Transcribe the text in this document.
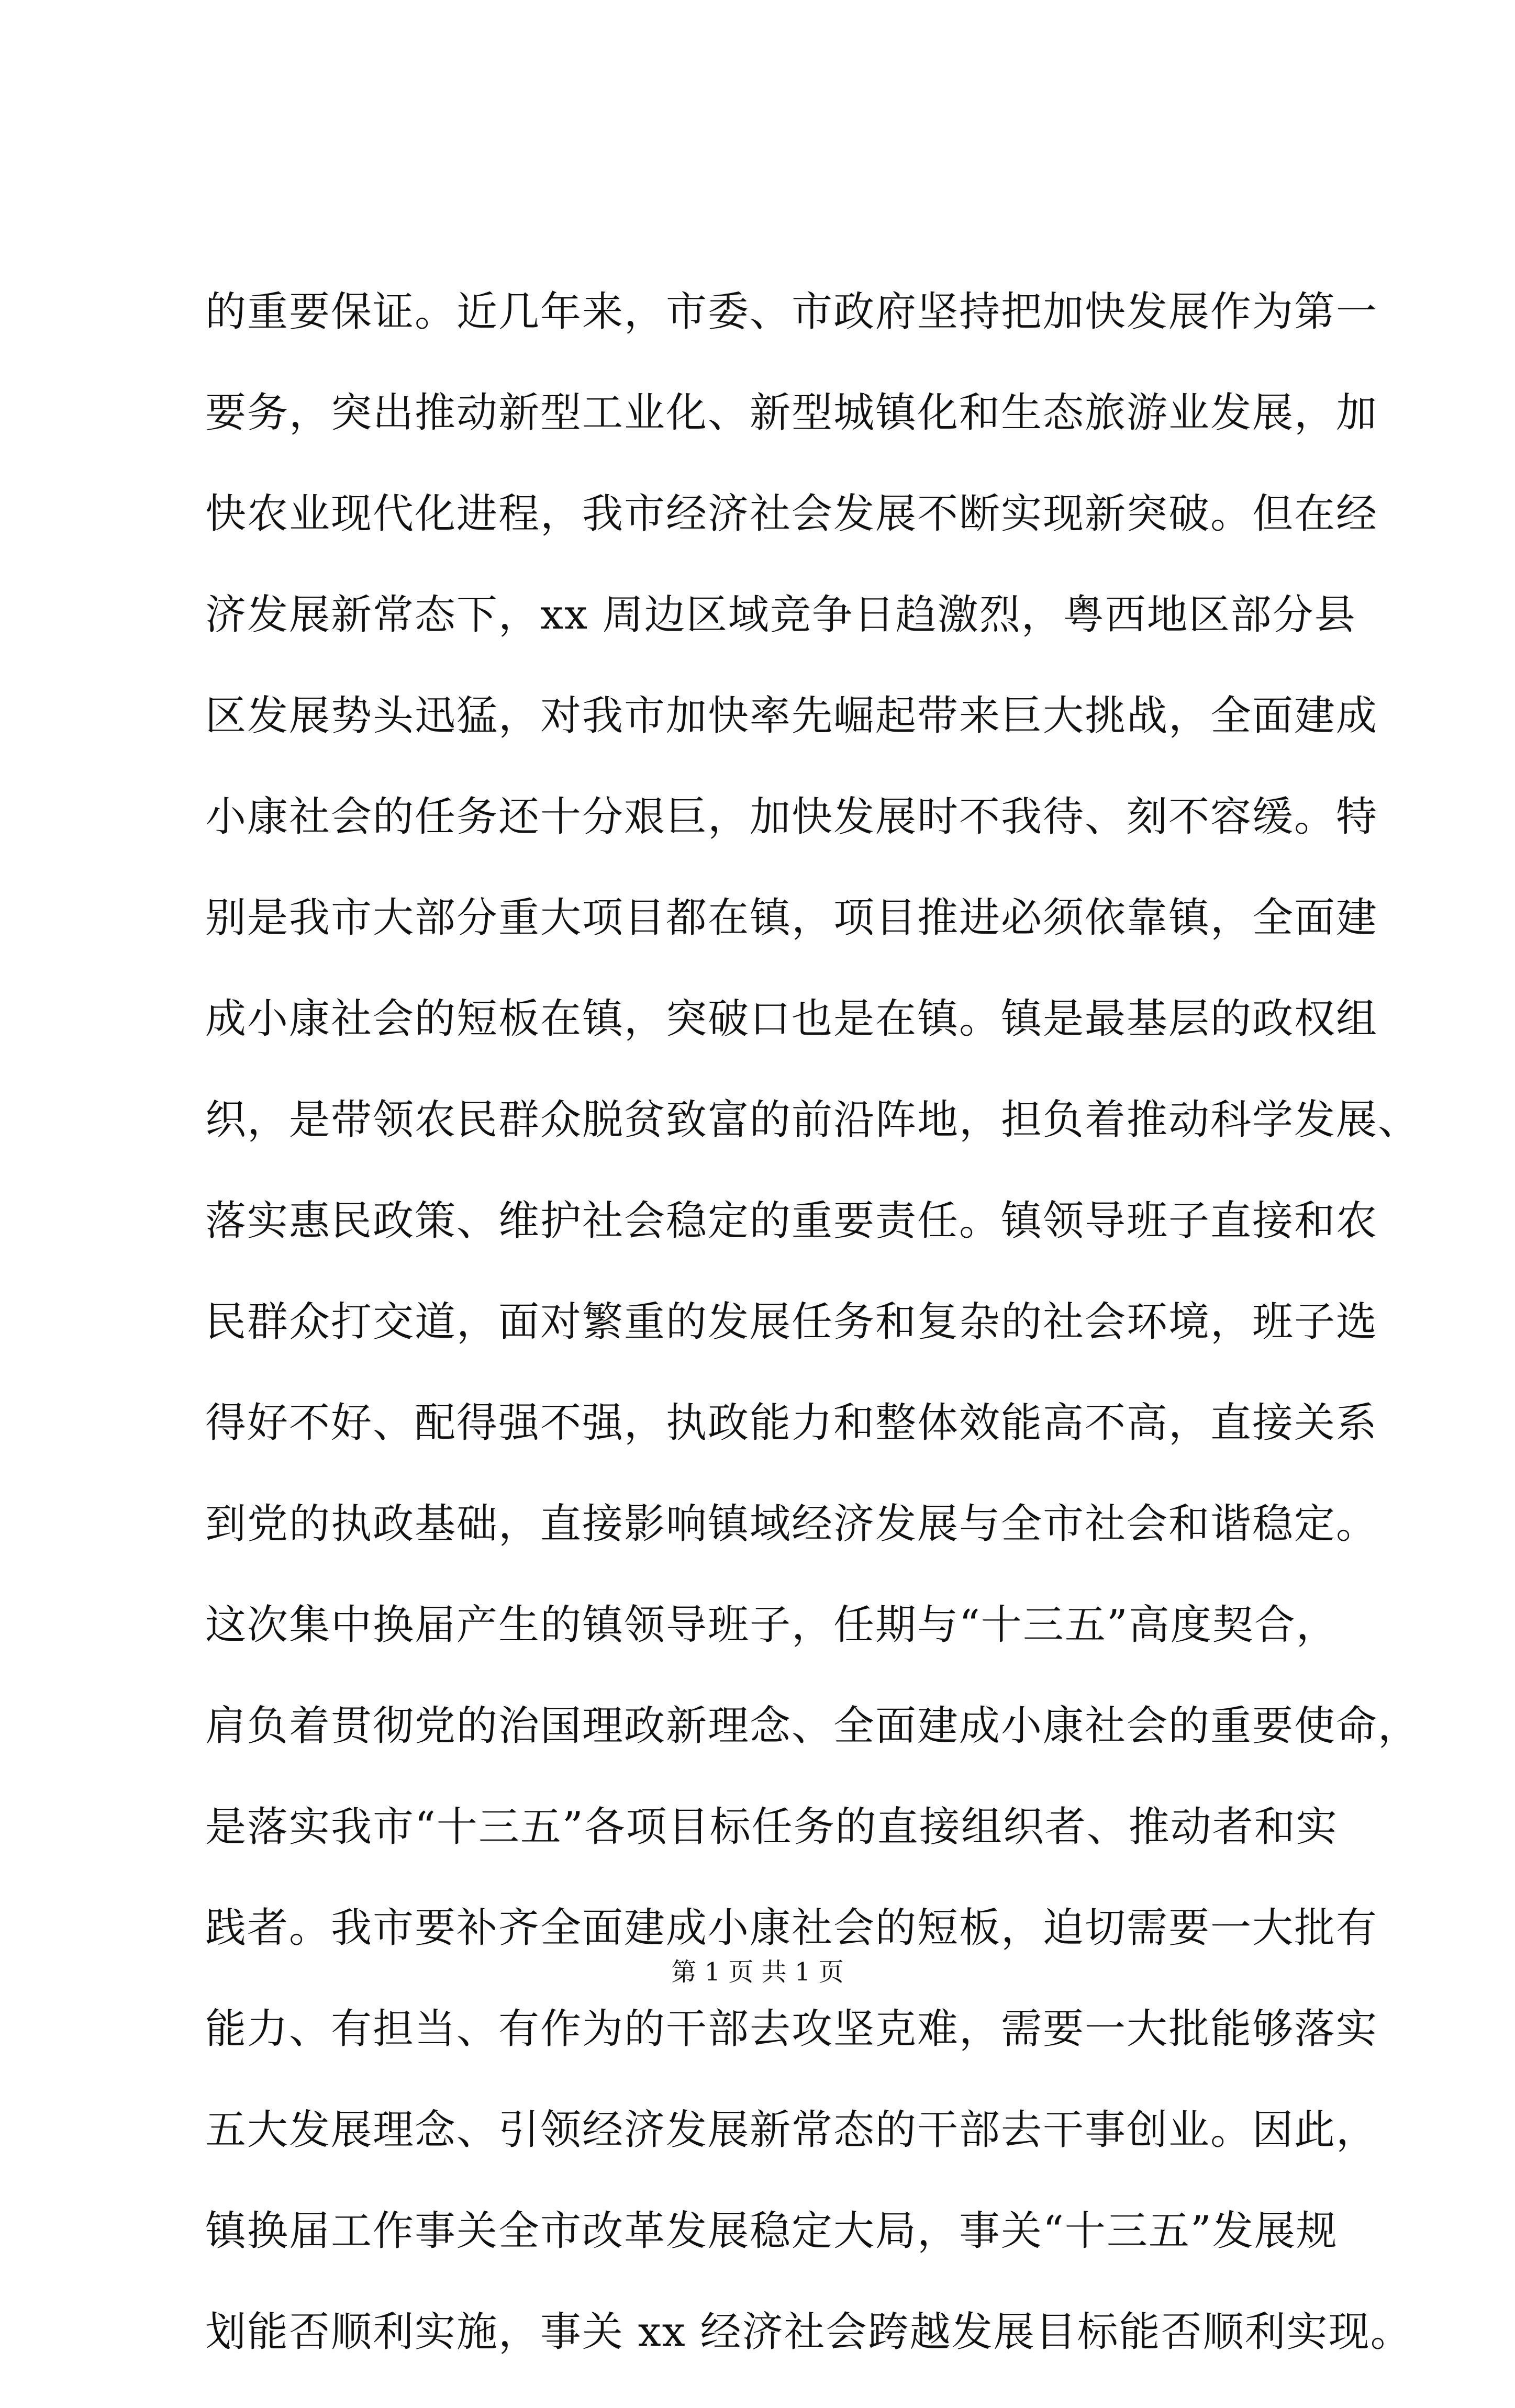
的重要保证。近几年来，市委、市政府坚持把加快发展作为第一
要务，突出推动新型工业化、新型城镇化和生态旅游业发展，加
快农业现代化进程，我市经济社会发展不断实现新突破。但在经
济发展新常态下，xx 周边区域竞争日趋激烈，粤西地区部分县
区发展势头迅猛，对我市加快率先崛起带来巨大挑战，全面建成
小康社会的任务还十分艰巨，加快发展时不我待、刻不容缓。特
别是我市大部分重大项目都在镇，项目推进必须依靠镇，全面建
成小康社会的短板在镇，突破口也是在镇。镇是最基层的政权组
织，是带领农民群众脱贫致富的前沿阵地，担负着推动科学发展、
落实惠民政策、维护社会稳定的重要责任。镇领导班子直接和农
民群众打交道，面对繁重的发展任务和复杂的社会环境，班子选
得好不好、配得强不强，执政能力和整体效能高不高，直接关系
到党的执政基础，直接影响镇域经济发展与全市社会和谐稳定。
这次集中换届产生的镇领导班子，任期与“十三五”高度契合，
肩负着贯彻党的治国理政新理念、全面建成小康社会的重要使命，
是落实我市“十三五”各项目标任务的直接组织者、推动者和实
践者。我市要补齐全面建成小康社会的短板，迫切需要一大批有
能力、有担当、有作为的干部去攻坚克难，需要一大批能够落实
五大发展理念、引领经济发展新常态的干部去干事创业。因此，
镇换届工作事关全市改革发展稳定大局，事关“十三五”发展规
划能否顺利实施，事关 xx 经济社会跨越发展目标能否顺利实现。
第 1 页 共 1 页
